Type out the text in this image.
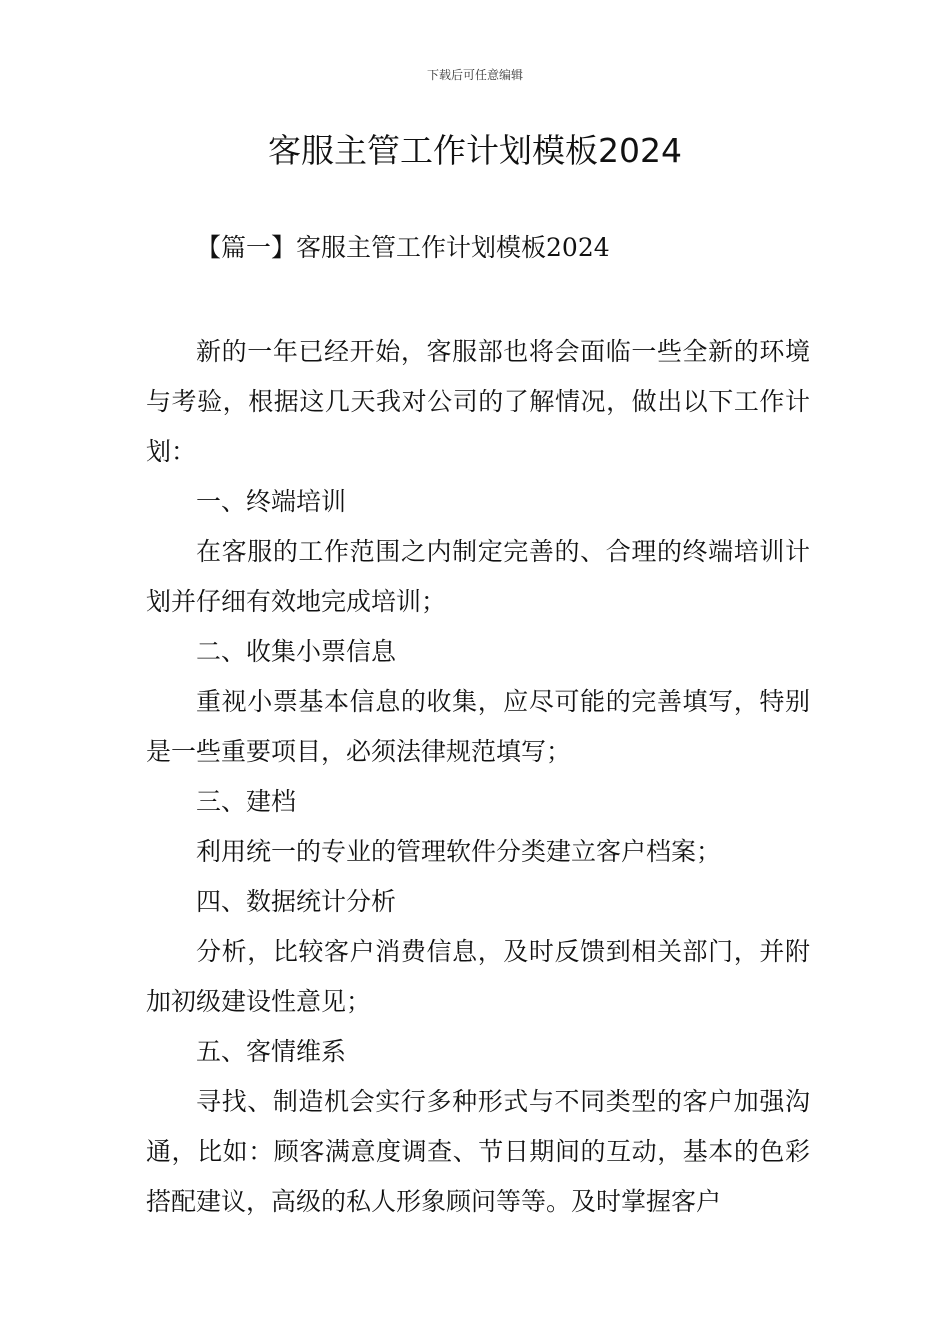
下载后可任意编辑
客服主管工作计划模板2024
【篇一】客服主管工作计划模板2024

新的一年已经开始，客服部也将会面临一些全新的环境与考验，根据这几天我对公司的了解情况，做出以下工作计划：

一、终端培训

在客服的工作范围之内制定完善的、合理的终端培训计划并仔细有效地完成培训；

二、收集小票信息

重视小票基本信息的收集，应尽可能的完善填写，特别是一些重要项目，必须法律规范填写；

三、建档

利用统一的专业的管理软件分类建立客户档案；

四、数据统计分析

分析，比较客户消费信息，及时反馈到相关部门，并附加初级建设性意见；

五、客情维系

寻找、制造机会实行多种形式与不同类型的客户加强沟通，比如：顾客满意度调查、节日期间的互动，基本的色彩搭配建议，高级的私人形象顾问等等。及时掌握客户
